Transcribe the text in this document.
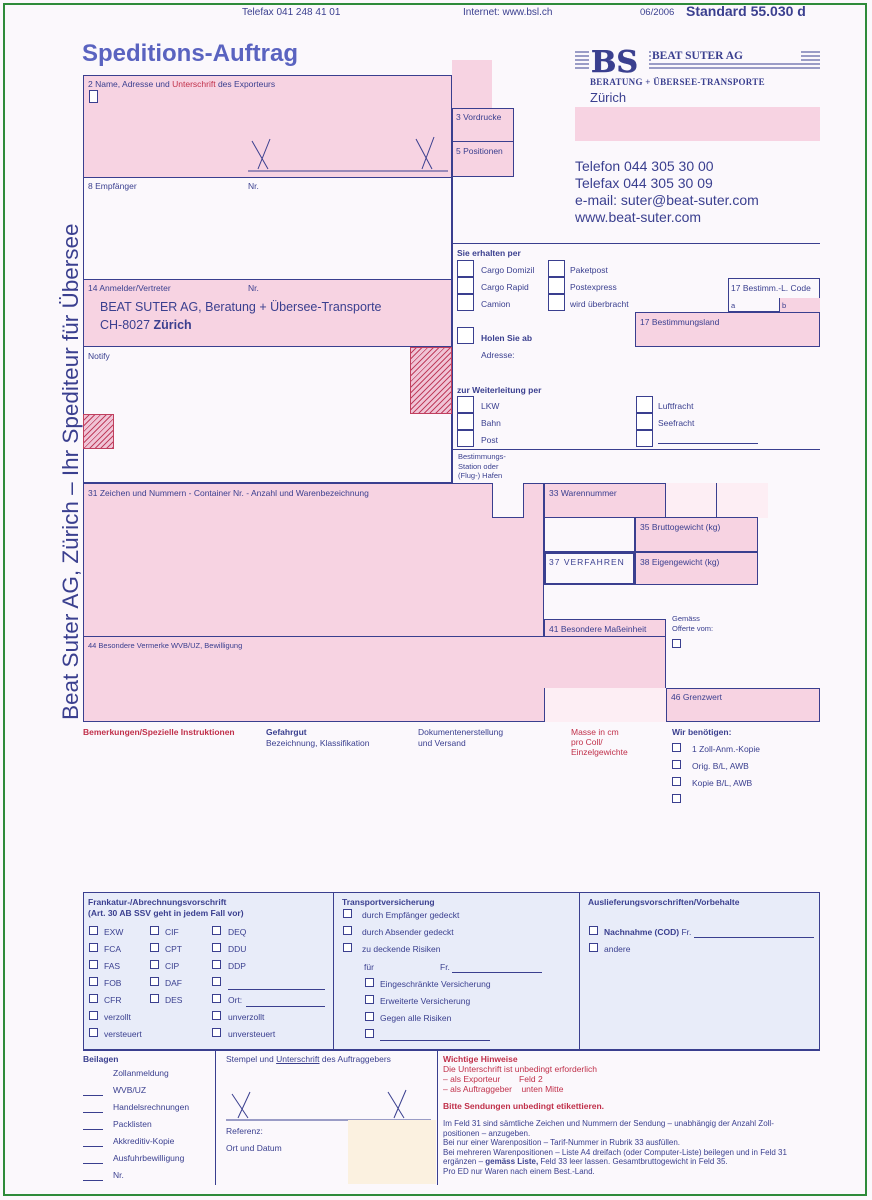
Telefax 041 248 41 01	Internet: www.bsl.ch	06/2006 Standard 55.030 d
Speditions-Auftrag
Beat Suter AG, Zürich – Ihr Spediteur für Übersee
BS BEAT SUTER AG
BERATUNG + ÜBERSEE-TRANSPORTE
Zürich
Telefon 044 305 30 00
Telefax 044 305 30 09
e-mail: suter@beat-suter.com
www.beat-suter.com
2 Name, Adresse und Unterschrift des Exporteurs
3 Vordrucke
5 Positionen
8 Empfänger	Nr.
14 Anmelder/Vertreter	Nr.
BEAT SUTER AG, Beratung + Übersee-Transporte
CH-8027 Zürich
Notify
Sie erhalten per
Cargo Domizil
Cargo Rapid
Camion
Paketpost
Postexpress
wird überbracht
17 Bestimm.-L. Code
a	b
17 Bestimmungsland
Holen Sie ab
Adresse:
zur Weiterleitung per
LKW
Bahn
Post
Luftfracht
Seefracht
Bestimmungs-
Station oder
(Flug-) Hafen
31 Zeichen und Nummern - Container Nr. - Anzahl und Warenbezeichnung	33 Warennummer
35 Bruttogewicht (kg)
37 VERFAHREN 38 Eigengewicht (kg)
41 Besondere Maßeinheit
Gemäss
Offerte vom:
44 Besondere Vermerke WVB/UZ, Bewilligung
46 Grenzwert
Bemerkungen/Spezielle Instruktionen	Gefahrgut
Bezeichnung, Klassifikation
Dokumentenerstellung
und Versand
Masse in cm
pro Coll/
Einzelgewichte
Wir benötigen:
1 Zoll-Anm.-Kopie
Orig. B/L, AWB
Kopie B/L, AWB
Frankatur-/Abrechnungsvorschrift
(Art. 30 AB SSV geht in jedem Fall vor)
EXW
FCA
FAS
FOB
CFR
verzollt
versteuert
CIF
CPT
CIP
DAF
DES
DEQ
DDU
DDP
Ort:
unverzollt
unversteuert
Transportversicherung
durch Empfänger gedeckt
durch Absender gedeckt
zu deckende Risiken
für	Fr.
Eingeschränkte Versicherung
Erweiterte Versicherung
Gegen alle Risiken
Auslieferungsvorschriften/Vorbehalte
Nachnahme (COD) Fr.
andere
Beilagen
Zollanmeldung
WVB/UZ
Handelsrechnungen
Packlisten
Akkreditiv-Kopie
Ausfuhrbewilligung
Nr.
Stempel und Unterschrift des Auftraggebers
Referenz:
Ort und Datum
Wichtige Hinweise
Die Unterschrift ist unbedingt erforderlich
– als Exporteur        Feld 2
– als Auftraggeber    unten Mitte
Bitte Sendungen unbedingt etikettieren.
Im Feld 31 sind sämtliche Zeichen und Nummern der Sendung – unabhängig der Anzahl Zoll-
positionen – anzugeben.
Bei nur einer Warenposition – Tarif-Nummer in Rubrik 33 ausfüllen.
Bei mehreren Warenpositionen – Liste A4 dreifach (oder Computer-Liste) beilegen und in Feld 31
ergänzen – gemäss Liste, Feld 33 leer lassen. Gesamtbruttogewicht in Feld 35.
Pro ED nur Waren nach einem Best.-Land.
